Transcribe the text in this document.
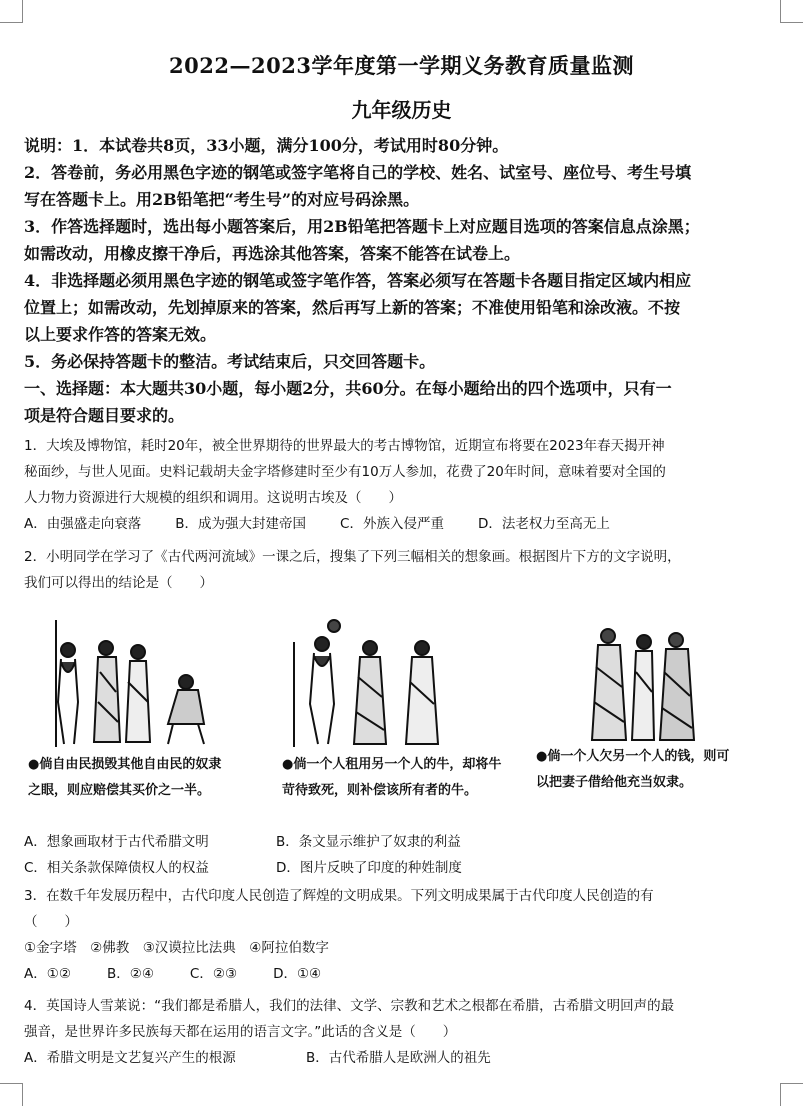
2022—2023学年度第一学期义务教育质量监测
九年级历史
说明：1．本试卷共8页，33小题，满分100分，考试用时80分钟。
2．答卷前，务必用黑色字迹的钢笔或签字笔将自己的学校、姓名、试室号、座位号、考生号填
写在答题卡上。用2B铅笔把“考生号”的对应号码涂黑。
3．作答选择题时，选出每小题答案后，用2B铅笔把答题卡上对应题目选项的答案信息点涂黑；
如需改动，用橡皮擦干净后，再选涂其他答案，答案不能答在试卷上。
4．非选择题必须用黑色字迹的钢笔或签字笔作答，答案必须写在答题卡各题目指定区域内相应
位置上；如需改动，先划掉原来的答案，然后再写上新的答案；不准使用铅笔和涂改液。不按
以上要求作答的答案无效。
5．务必保持答题卡的整洁。考试结束后，只交回答题卡。
一、选择题：本大题共30小题，每小题2分，共60分。在每小题给出的四个选项中，只有一
项是符合题目要求的。
1．大埃及博物馆，耗时20年，被全世界期待的世界最大的考古博物馆，近期宣布将要在2023年春天揭开神
秘面纱，与世人见面。史料记载胡夫金字塔修建时至少有10万人参加，花费了20年时间，意味着要对全国的
人力物力资源进行大规模的组织和调用。这说明古埃及（　　）
A．由强盛走向衰落	B．成为强大封建帝国	C．外族入侵严重	D．法老权力至高无上
2．小明同学在学习了《古代两河流域》一课之后，搜集了下列三幅相关的想象画。根据图片下方的文字说明，
我们可以得出的结论是（　　）
●倘自由民损毁其他自由民的奴隶
之眼，则应赔偿其买价之一半。
●倘一个人租用另一个人的牛，却将牛
苛待致死，则补偿该所有者的牛。
●倘一个人欠另一个人的钱，则可
以把妻子借给他充当奴隶。
A．想象画取材于古代希腊文明	B．条文显示维护了奴隶的利益
C．相关条款保障债权人的权益	D．图片反映了印度的种姓制度
3．在数千年发展历程中，古代印度人民创造了辉煌的文明成果。下列文明成果属于古代印度人民创造的有
（　　）
①金字塔　②佛教　③汉谟拉比法典　④阿拉伯数字
A．①②	B．②④	C．②③	D．①④
4．英国诗人雪莱说：“我们都是希腊人，我们的法律、文学、宗教和艺术之根都在希腊，古希腊文明回声的最
强音，是世界许多民族每天都在运用的语言文字。”此话的含义是（　　）
A．希腊文明是文艺复兴产生的根源	B．古代希腊人是欧洲人的祖先
